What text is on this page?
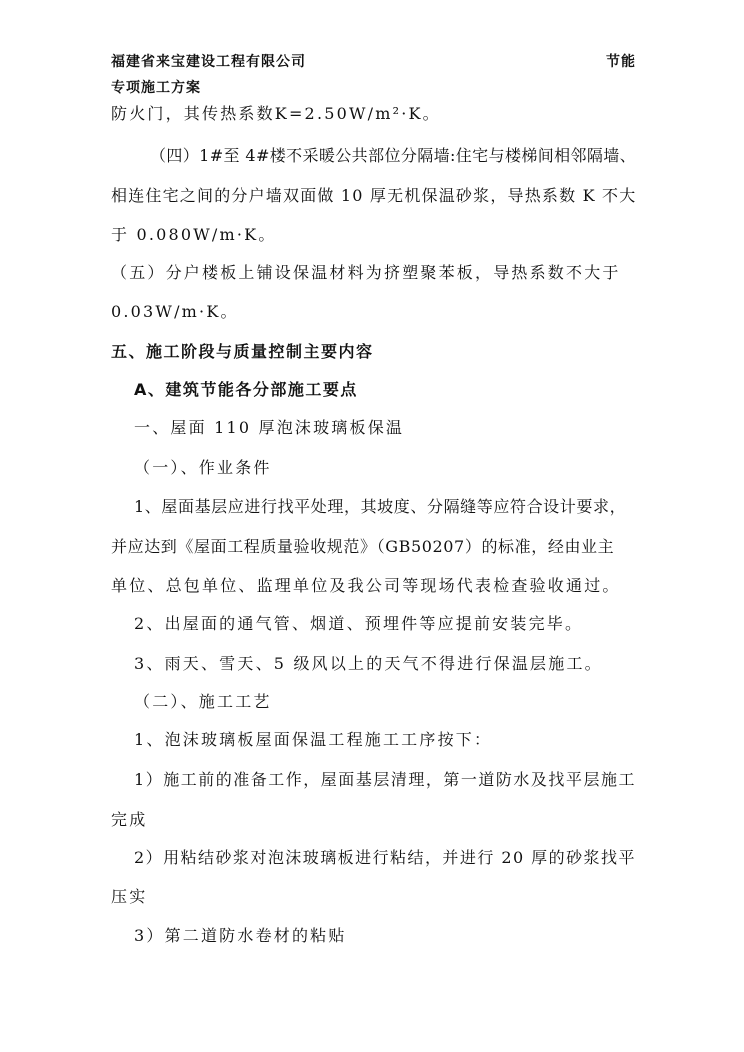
福建省来宝建设工程有限公司	节能
专项施工方案
防火门，其传热系数K=2.50W/m²·K。
（四）1#至 4#楼不采暖公共部位分隔墙:住宅与楼梯间相邻隔墙、
相连住宅之间的分户墙双面做 10 厚无机保温砂浆，导热系数 K 不大
于 0.080W/m·K。
（五）分户楼板上铺设保温材料为挤塑聚苯板，导热系数不大于
0.03W/m·K。
五、施工阶段与质量控制主要内容
A、建筑节能各分部施工要点
一、屋面 110 厚泡沫玻璃板保温
（一）、作业条件
1、屋面基层应进行找平处理，其坡度、分隔缝等应符合设计要求，
并应达到《屋面工程质量验收规范》（GB50207）的标准，经由业主
单位、总包单位、监理单位及我公司等现场代表检查验收通过。
2、出屋面的通气管、烟道、预埋件等应提前安装完毕。
3、雨天、雪天、5 级风以上的天气不得进行保温层施工。
（二）、施工工艺
1、泡沫玻璃板屋面保温工程施工工序按下：
1）施工前的准备工作，屋面基层清理，第一道防水及找平层施工
完成
2）用粘结砂浆对泡沫玻璃板进行粘结，并进行 20 厚的砂浆找平
压实
3）第二道防水卷材的粘贴
